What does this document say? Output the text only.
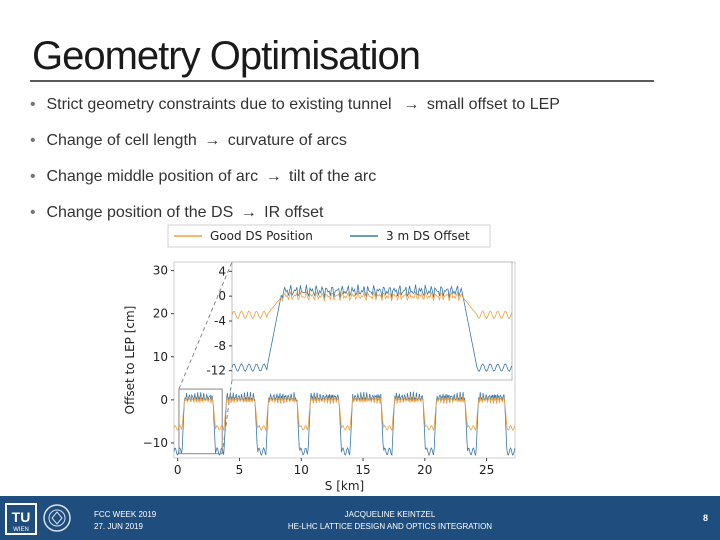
Geometry Optimisation
• Strict geometry constraints due to existing tunnel  → small offset to LEP
• Change of cell length → curvature of arcs
• Change middle position of arc → tilt of the arc
• Change position of the DS → IR offset
Good DS Position	3 m DS Offset
−10
0
10
20
30
0	5	10	15	20	25
S [km]
Offset to LEP [cm]
4
0
-4
-8
-12
TU
WIEN
FCC WEEK 2019
27. JUN 2019
JACQUELINE KEINTZEL
HE-LHC LATTICE DESIGN AND OPTICS INTEGRATION
8
